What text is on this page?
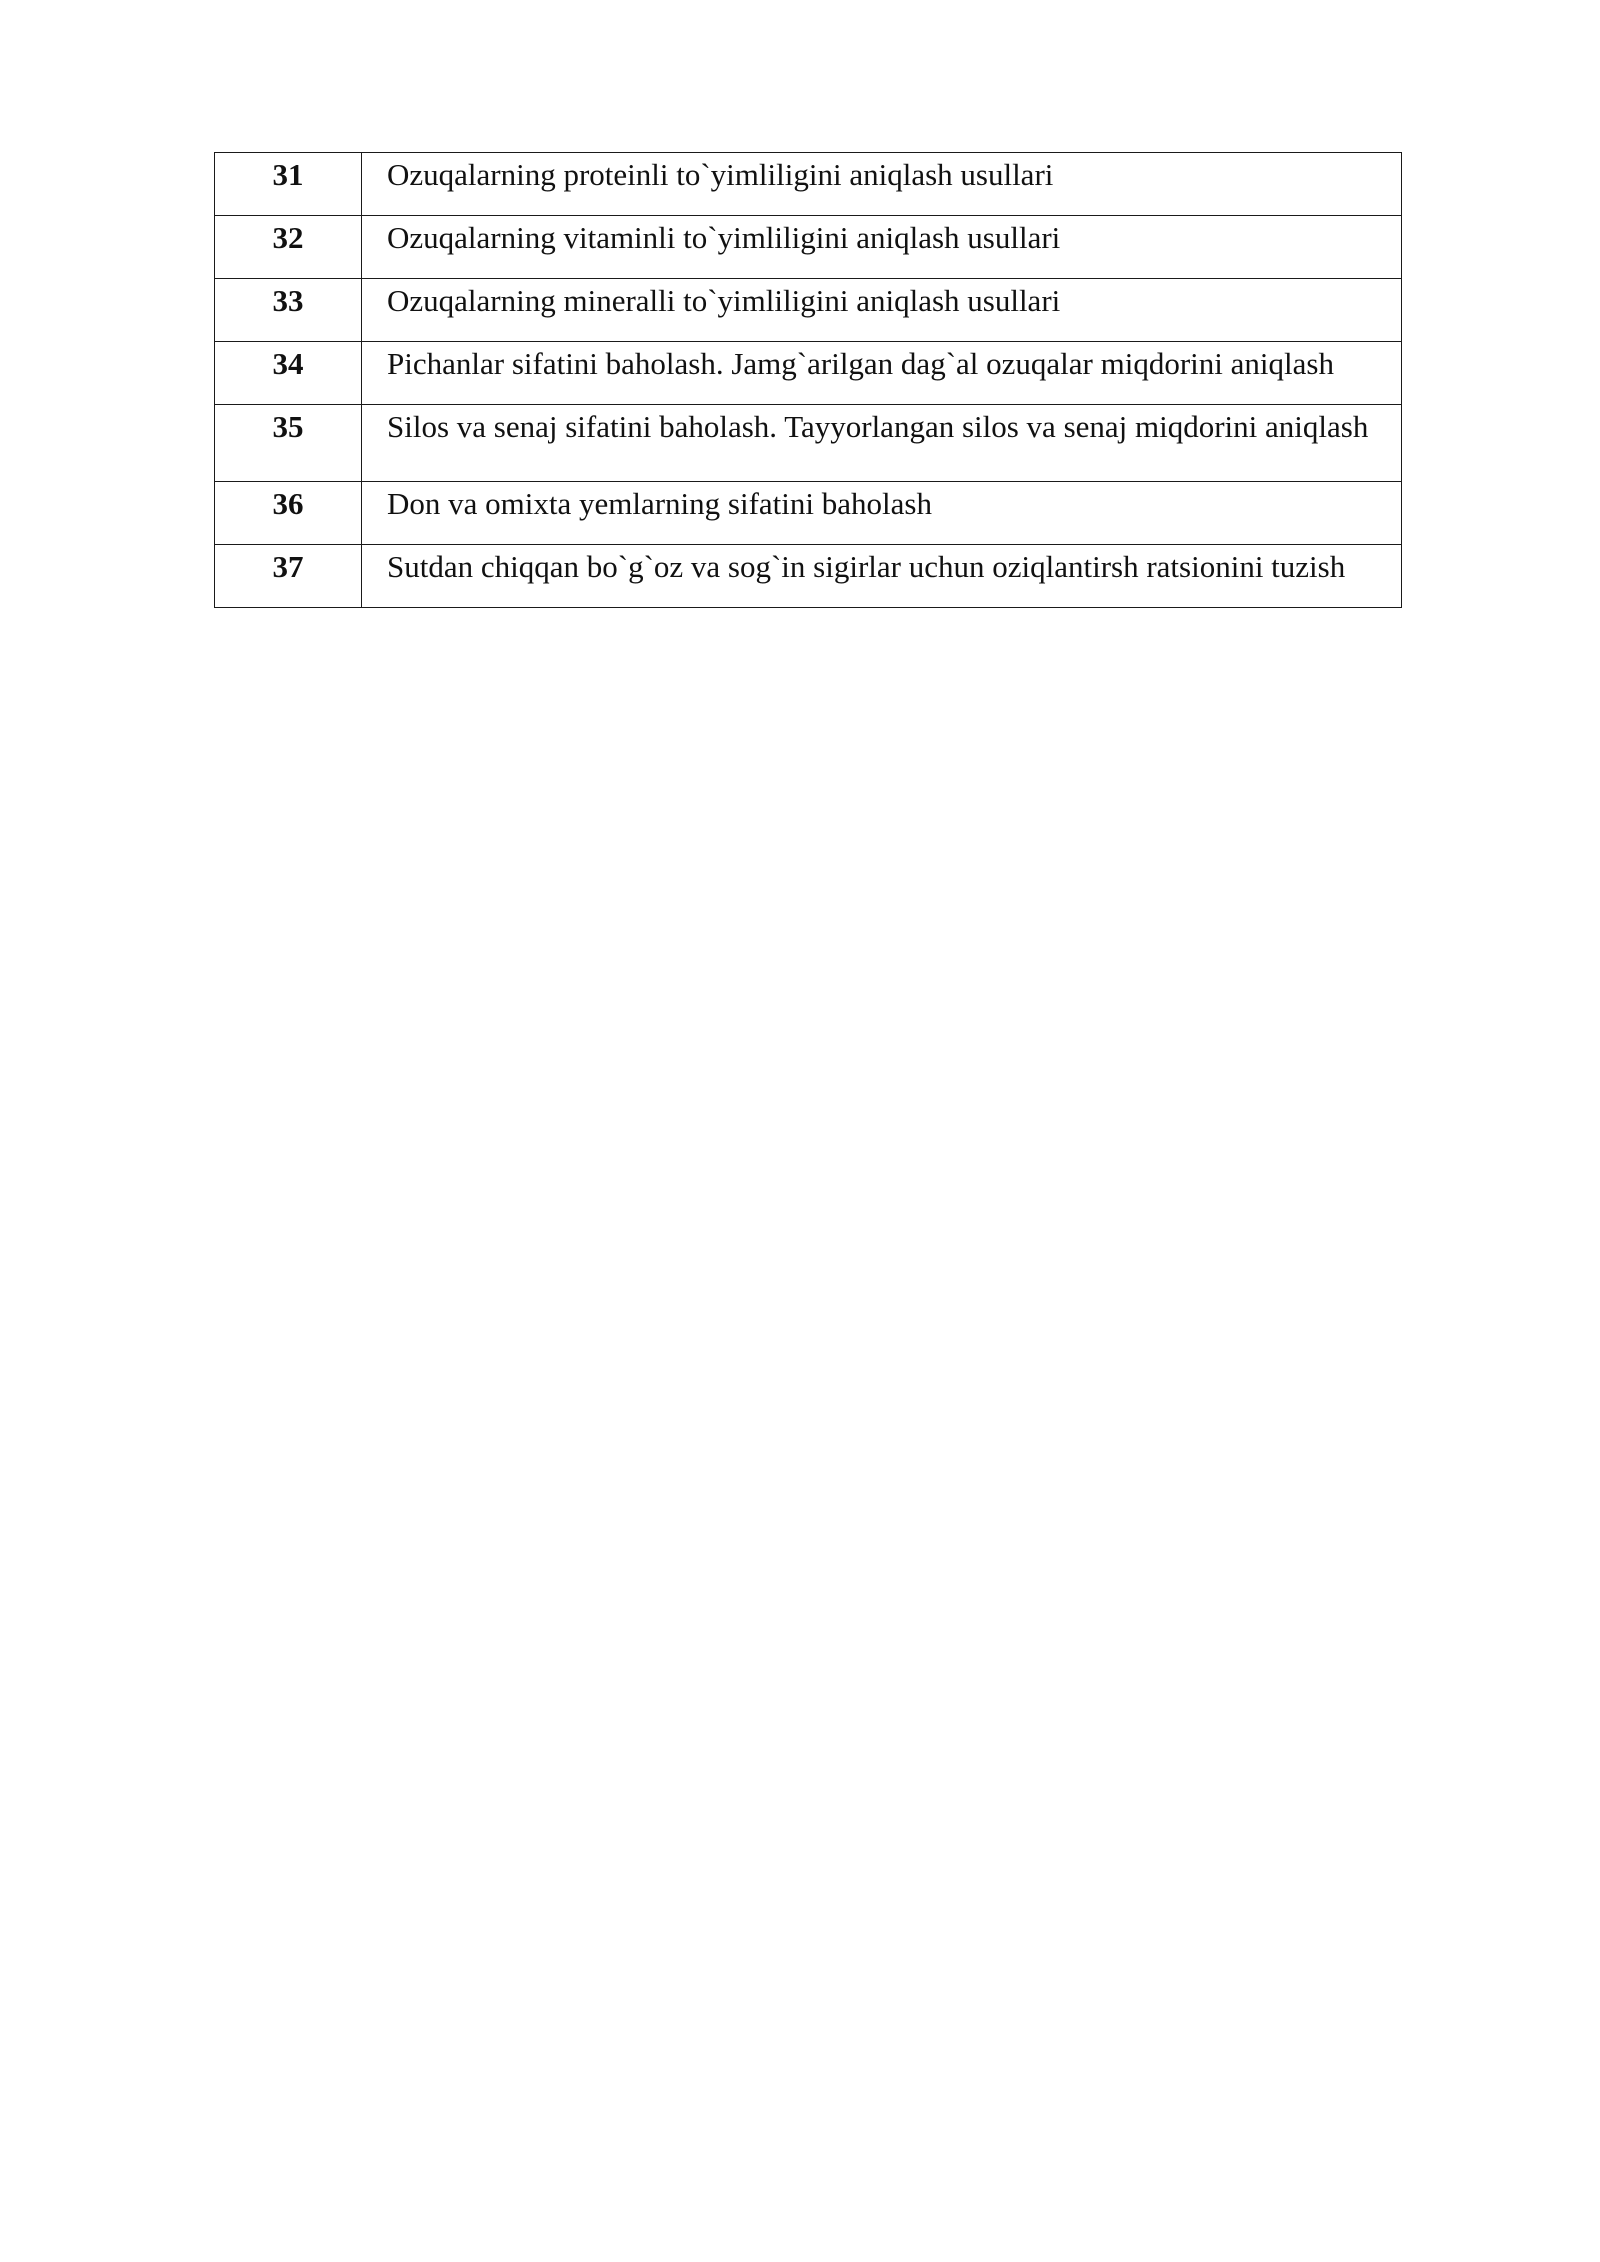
31	Ozuqalarning proteinli to`yimliligini aniqlash usullari
32	Ozuqalarning vitaminli to`yimliligini aniqlash usullari
33	Ozuqalarning mineralli to`yimliligini aniqlash usullari
34	Pichanlar sifatini baholash. Jamg`arilgan dag`al ozuqalar miqdorini aniqlash
35	Silos va senaj sifatini baholash. Tayyorlangan silos va senaj miqdorini aniqlash
36	Don va omixta yemlarning sifatini baholash
37	Sutdan chiqqan bo`g`oz va sog`in sigirlar uchun oziqlantirsh ratsionini tuzish
